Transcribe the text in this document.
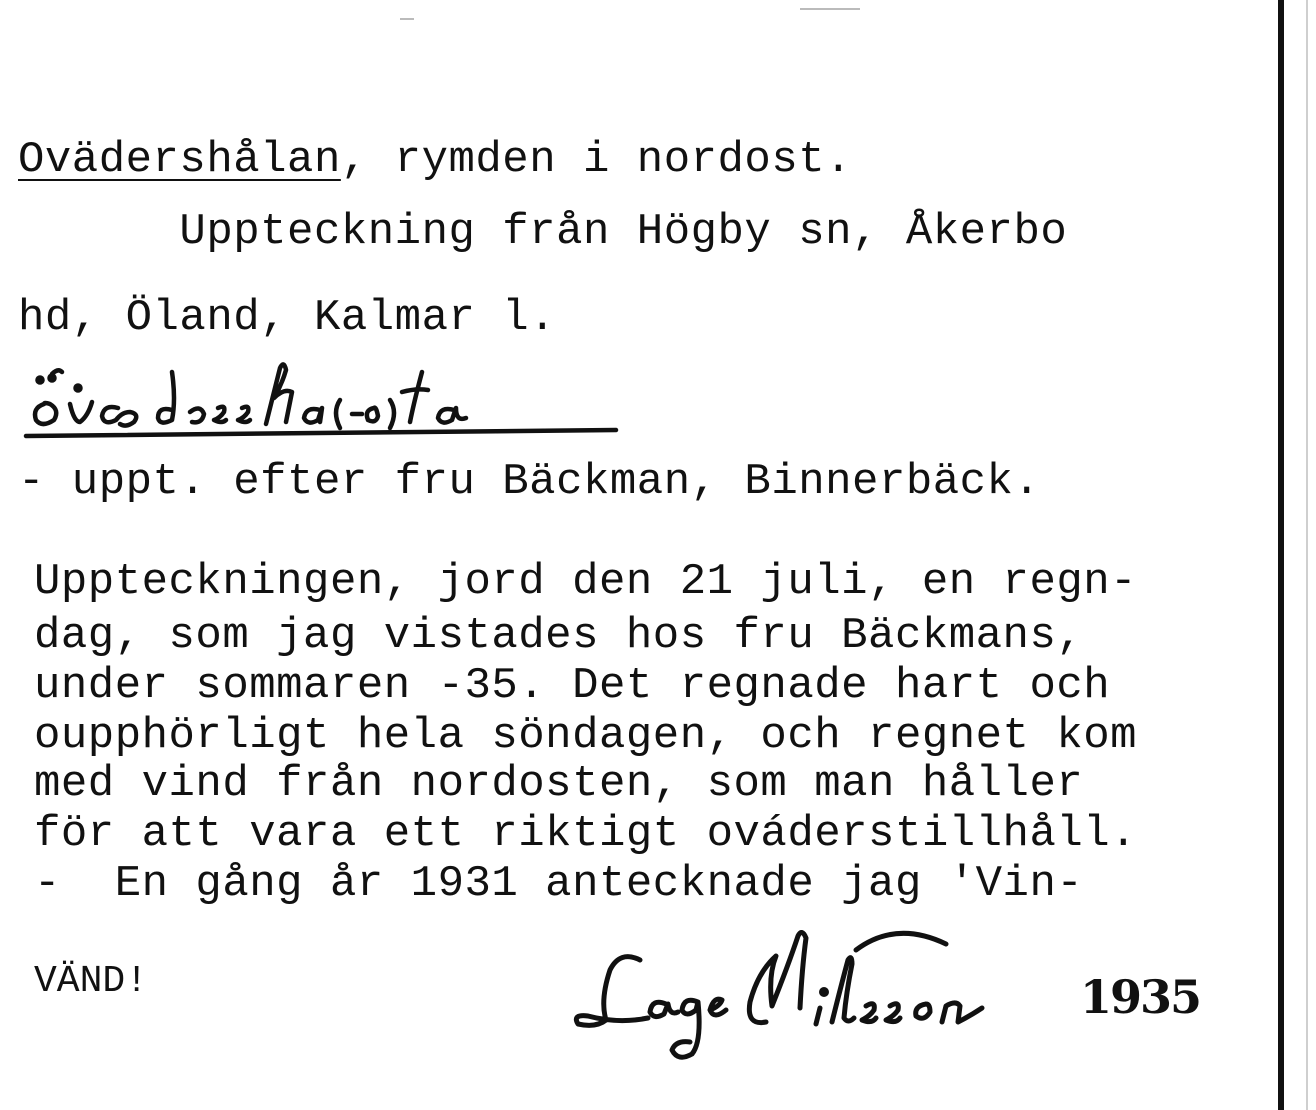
Ovädershålan, rymden i nordost.
Uppteckning från Högby sn, Åkerbo
hd, Öland, Kalmar l.
- uppt. efter fru Bäckman, Binnerbäck.
Uppteckningen, jord den 21 juli, en regn-
dag, som jag vistades hos fru Bäckmans,
under sommaren -35. Det regnade hart och
oupphörligt hela söndagen, och regnet kom
med vind från nordosten, som man håller
för att vara ett riktigt ováderstillhåll.
-  En gång år 1931 antecknade jag 'Vin-
VÄND!	1935
